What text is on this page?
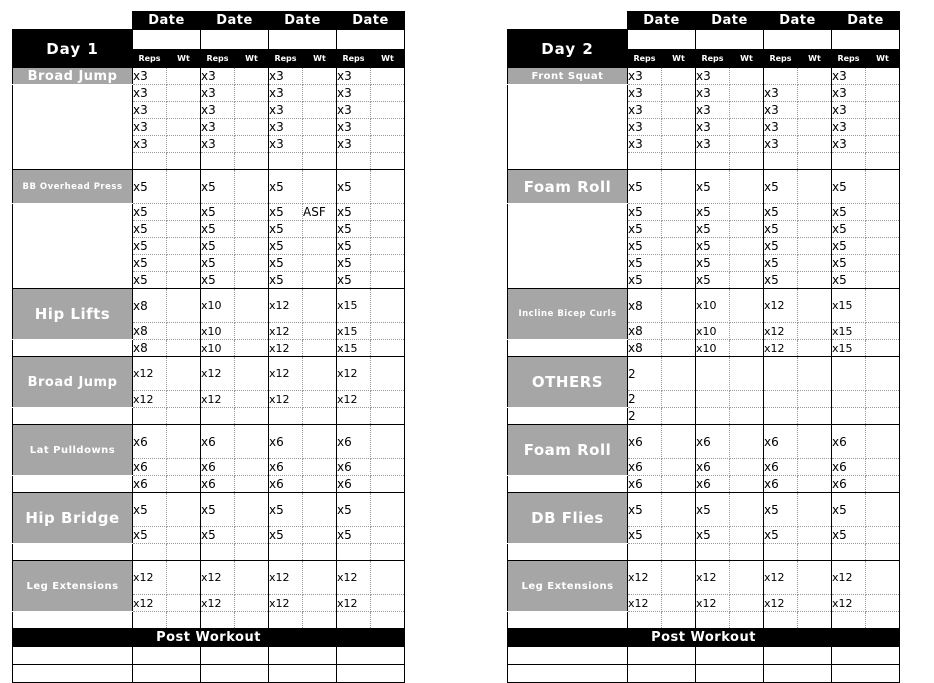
	Date		Date		Date		Date	
Day 1								
	Reps	Wt	Reps	Wt	Reps	Wt	Reps	Wt
Broad Jump	x3		x3		x3		x3	
	x3		x3		x3		x3	
	x3		x3		x3		x3	
	x3		x3		x3		x3	
	x3		x3		x3		x3	

BB Overhead Press	x5		x5		x5		x5	
	x5		x5		x5	ASF	x5	
	x5		x5		x5		x5	
	x5		x5		x5		x5	
	x5		x5		x5		x5	
	x5		x5		x5		x5	
Hip Lifts	x8		x10		x12		x15	
	x8		x10		x12		x15	
	x8		x10		x12		x15	
Broad Jump	x12		x12		x12		x12	
	x12		x12		x12		x12	

Lat Pulldowns	x6		x6		x6		x6	
	x6		x6		x6		x6	
	x6		x6		x6		x6	
Hip Bridge	x5		x5		x5		x5	
	x5		x5		x5		x5	

Leg Extensions	x12		x12		x12		x12	
	x12		x12		x12		x12	

Post Workout								

	Date		Date		Date		Date	
Day 2								
	Reps	Wt	Reps	Wt	Reps	Wt	Reps	Wt
Front Squat	x3		x3				x3	
	x3		x3		x3		x3	
	x3		x3		x3		x3	
	x3		x3		x3		x3	
	x3		x3		x3		x3	

Foam Roll	x5		x5		x5		x5	
	x5		x5		x5		x5	
	x5		x5		x5		x5	
	x5		x5		x5		x5	
	x5		x5		x5		x5	
	x5		x5		x5		x5	
Incline Bicep Curls	x8		x10		x12		x15	
	x8		x10		x12		x15	
	x8		x10		x12		x15	
OTHERS	2							
	2							
	2							
Foam Roll	x6		x6		x6		x6	
	x6		x6		x6		x6	
	x6		x6		x6		x6	
DB Flies	x5		x5		x5		x5	
	x5		x5		x5		x5	

Leg Extensions	x12		x12		x12		x12	
	x12		x12		x12		x12	

Post Workout								
